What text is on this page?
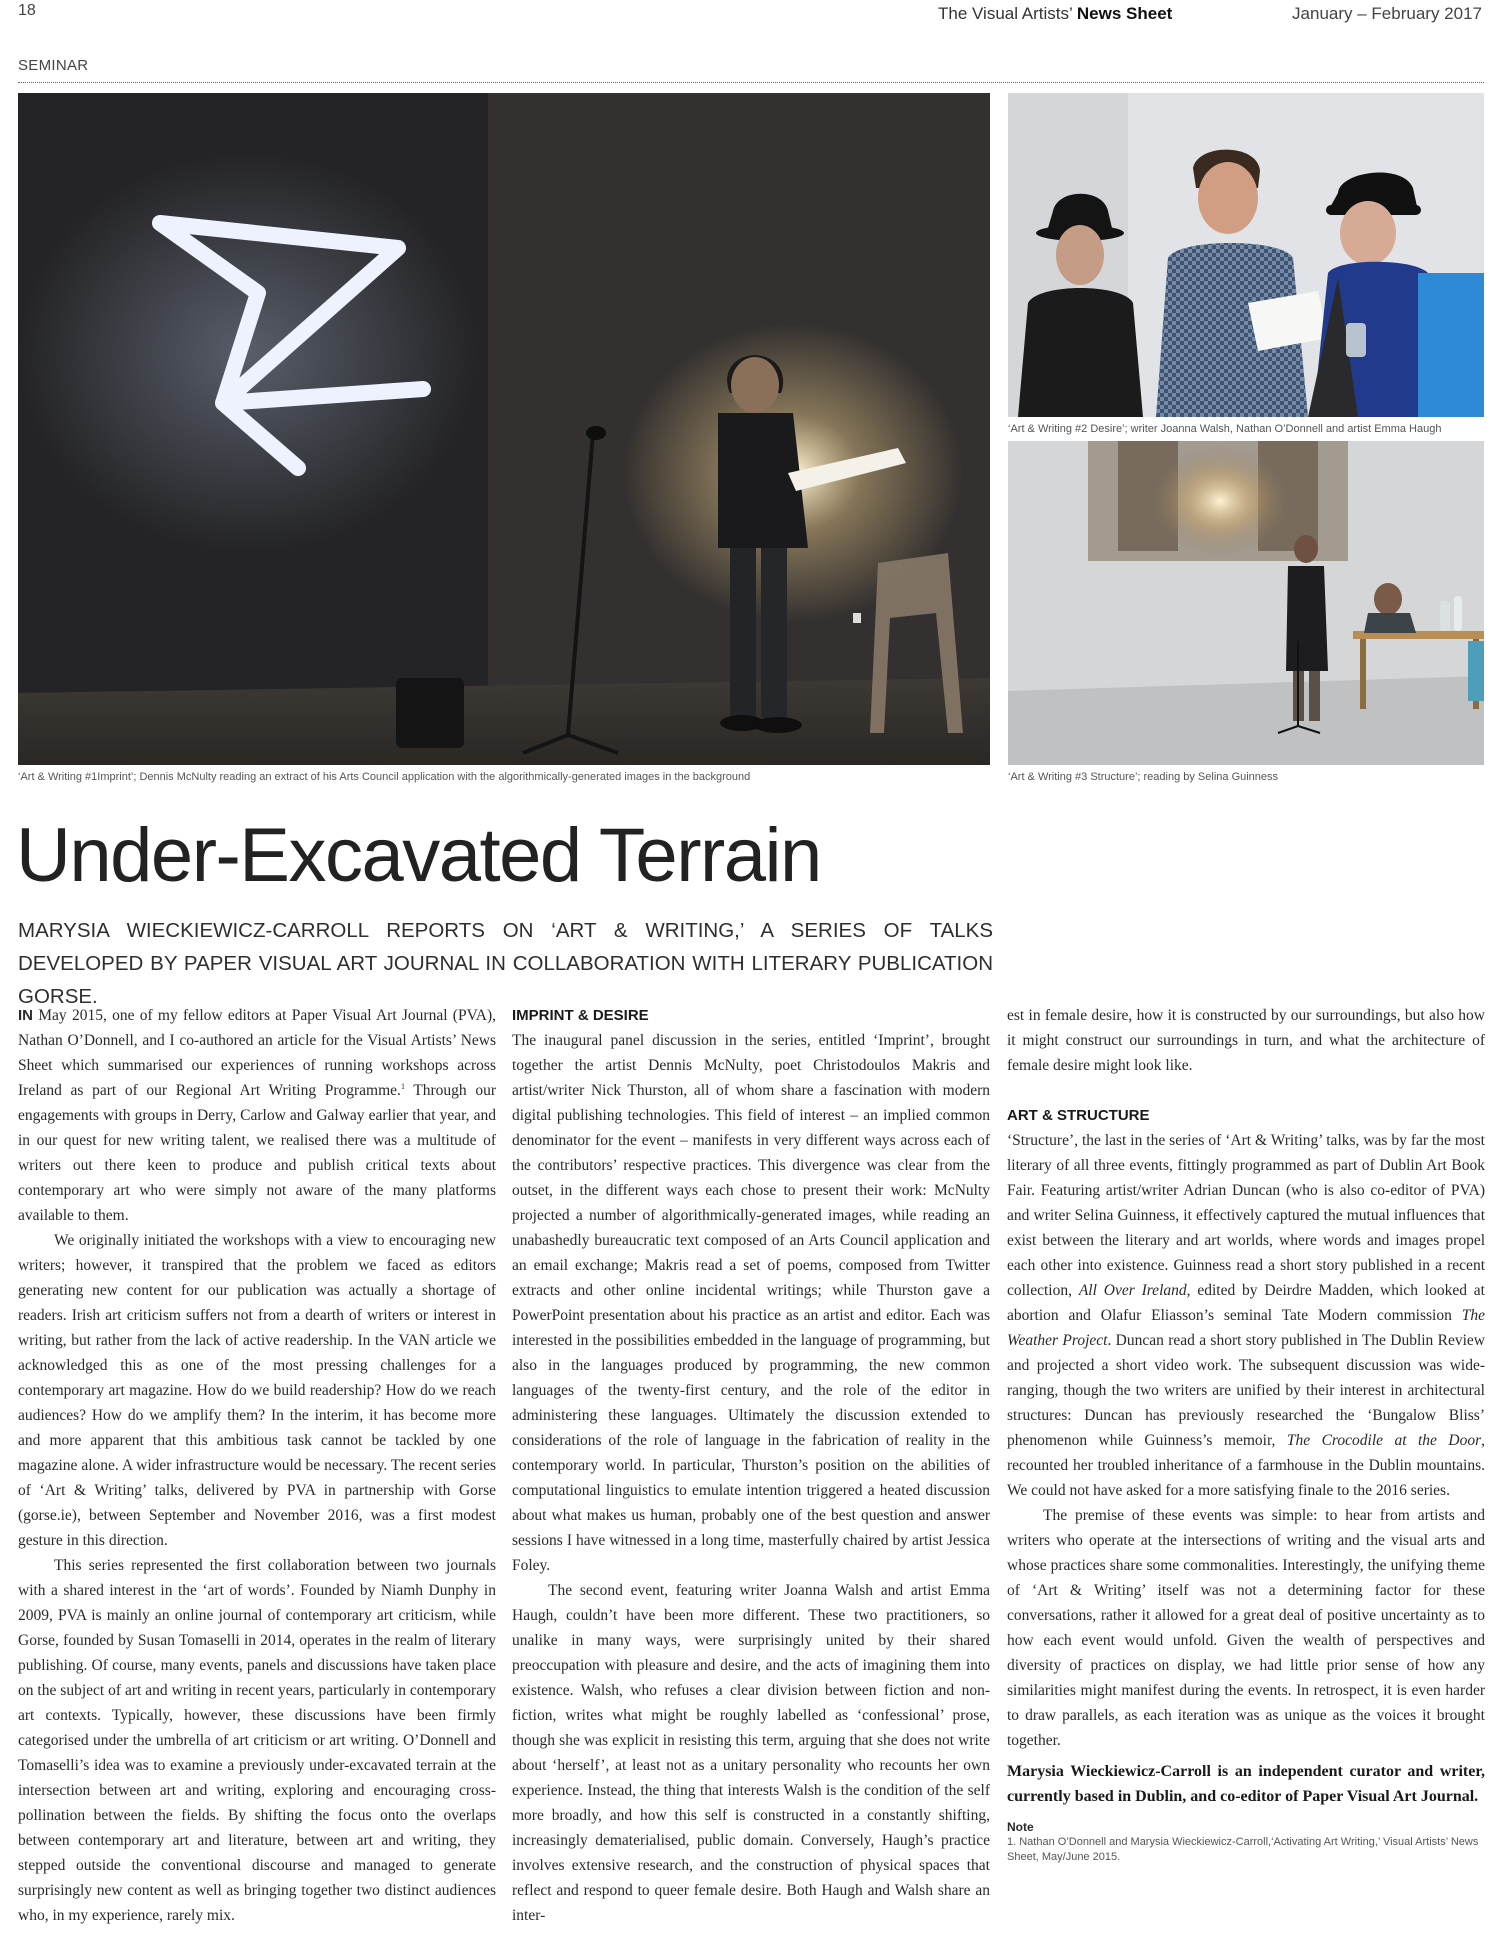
18	The Visual Artists’ News Sheet	January – February 2017
SEMINAR
‘Art & Writing #1Imprint’; Dennis McNulty reading an extract of his Arts Council application with the algorithmically-generated images in the background
‘Art & Writing #2 Desire’; writer Joanna Walsh, Nathan O’Donnell and artist Emma Haugh
‘Art & Writing #3 Structure’; reading by Selina Guinness
Under-Excavated Terrain

MARYSIA WIECKIEWICZ-CARROLL REPORTS ON ‘ART & WRITING,’ A SERIES OF TALKS DEVELOPED BY PAPER VISUAL ART JOURNAL IN COLLABORATION WITH LITERARY PUBLICATION GORSE.

IN May 2015, one of my fellow editors at Paper Visual Art Journal (PVA), Nathan O’Donnell, and I co-authored an article for the Visual Artists’ News Sheet which summarised our experiences of running workshops across Ireland as part of our Regional Art Writing Programme.$^1$ Through our engagements with groups in Derry, Carlow and Galway earlier that year, and in our quest for new writing talent, we realised there was a multitude of writers out there keen to produce and publish critical texts about contemporary art who were simply not aware of the many platforms available to them.

We originally initiated the workshops with a view to encouraging new writers; however, it transpired that the problem we faced as editors generating new content for our publication was actually a shortage of readers. Irish art criticism suffers not from a dearth of writers or interest in writing, but rather from the lack of active readership. In the VAN article we acknowledged this as one of the most pressing challenges for a contemporary art magazine. How do we build readership? How do we reach audiences? How do we amplify them? In the interim, it has become more and more apparent that this ambitious task cannot be tackled by one magazine alone. A wider infrastructure would be necessary. The recent series of ‘Art & Writing’ talks, delivered by PVA in partnership with Gorse (gorse.ie), between September and November 2016, was a first modest gesture in this direction.

This series represented the first collaboration between two journals with a shared interest in the ‘art of words’. Founded by Niamh Dunphy in 2009, PVA is mainly an online journal of contemporary art criticism, while Gorse, founded by Susan Tomaselli in 2014, operates in the realm of literary publishing. Of course, many events, panels and discussions have taken place on the subject of art and writing in recent years, particularly in contemporary art contexts. Typically, however, these discussions have been firmly categorised under the umbrella of art criticism or art writing. O’Donnell and Tomaselli’s idea was to examine a previously under-excavated terrain at the intersection between art and writing, exploring and encouraging cross-pollination between the fields. By shifting the focus onto the overlaps between contemporary art and literature, between art and writing, they stepped outside the conventional discourse and managed to generate surprisingly new content as well as bringing together two distinct audiences who, in my experience, rarely mix.

IMPRINT & DESIRE

The inaugural panel discussion in the series, entitled ‘Imprint’, brought together the artist Dennis McNulty, poet Christodoulos Makris and artist/writer Nick Thurston, all of whom share a fascination with modern digital publishing technologies. This field of interest – an implied common denominator for the event – manifests in very different ways across each of the contributors’ respective practices. This divergence was clear from the outset, in the different ways each chose to present their work: McNulty projected a number of algorithmically-generated images, while reading an unabashedly bureaucratic text composed of an Arts Council application and an email exchange; Makris read a set of poems, composed from Twitter extracts and other online incidental writings; while Thurston gave a PowerPoint presentation about his practice as an artist and editor. Each was interested in the possibilities embedded in the language of programming, but also in the languages produced by programming, the new common languages of the twenty-first century, and the role of the editor in administering these languages. Ultimately the discussion extended to considerations of the role of language in the fabrication of reality in the contemporary world. In particular, Thurston’s position on the abilities of computational linguistics to emulate intention triggered a heated discussion about what makes us human, probably one of the best question and answer sessions I have witnessed in a long time, masterfully chaired by artist Jessica Foley.

The second event, featuring writer Joanna Walsh and artist Emma Haugh, couldn’t have been more different. These two practitioners, so unalike in many ways, were surprisingly united by their shared preoccupation with pleasure and desire, and the acts of imagining them into existence. Walsh, who refuses a clear division between fiction and non-fiction, writes what might be roughly labelled as ‘confessional’ prose, though she was explicit in resisting this term, arguing that she does not write about ‘herself’, at least not as a unitary personality who recounts her own experience. Instead, the thing that interests Walsh is the condition of the self more broadly, and how this self is constructed in a constantly shifting, increasingly dematerialised, public domain. Conversely, Haugh’s practice involves extensive research, and the construction of physical spaces that reflect and respond to queer female desire. Both Haugh and Walsh share an inter-

est in female desire, how it is constructed by our surroundings, but also how it might construct our surroundings in turn, and what the architecture of female desire might look like.

ART & STRUCTURE

‘Structure’, the last in the series of ‘Art & Writing’ talks, was by far the most literary of all three events, fittingly programmed as part of Dublin Art Book Fair. Featuring artist/writer Adrian Duncan (who is also co-editor of PVA) and writer Selina Guinness, it effectively captured the mutual influences that exist between the literary and art worlds, where words and images propel each other into existence. Guinness read a short story published in a recent collection, All Over Ireland, edited by Deirdre Madden, which looked at abortion and Olafur Eliasson’s seminal Tate Modern commission The Weather Project. Duncan read a short story published in The Dublin Review and projected a short video work. The subsequent discussion was wide-ranging, though the two writers are unified by their interest in architectural structures: Duncan has previously researched the ‘Bungalow Bliss’ phenomenon while Guinness’s memoir, The Crocodile at the Door, recounted her troubled inheritance of a farmhouse in the Dublin mountains. We could not have asked for a more satisfying finale to the 2016 series.

The premise of these events was simple: to hear from artists and writers who operate at the intersections of writing and the visual arts and whose practices share some commonalities. Interestingly, the unifying theme of ‘Art & Writing’ itself was not a determining factor for these conversations, rather it allowed for a great deal of positive uncertainty as to how each event would unfold. Given the wealth of perspectives and diversity of practices on display, we had little prior sense of how any similarities might manifest during the events. In retrospect, it is even harder to draw parallels, as each iteration was as unique as the voices it brought together.

Marysia Wieckiewicz-Carroll is an independent curator and writer, currently based in Dublin, and co-editor of Paper Visual Art Journal.
Note
1. Nathan O’Donnell and Marysia Wieckiewicz-Carroll,‘Activating Art Writing,’ Visual Artists’ News Sheet, May/June 2015.
